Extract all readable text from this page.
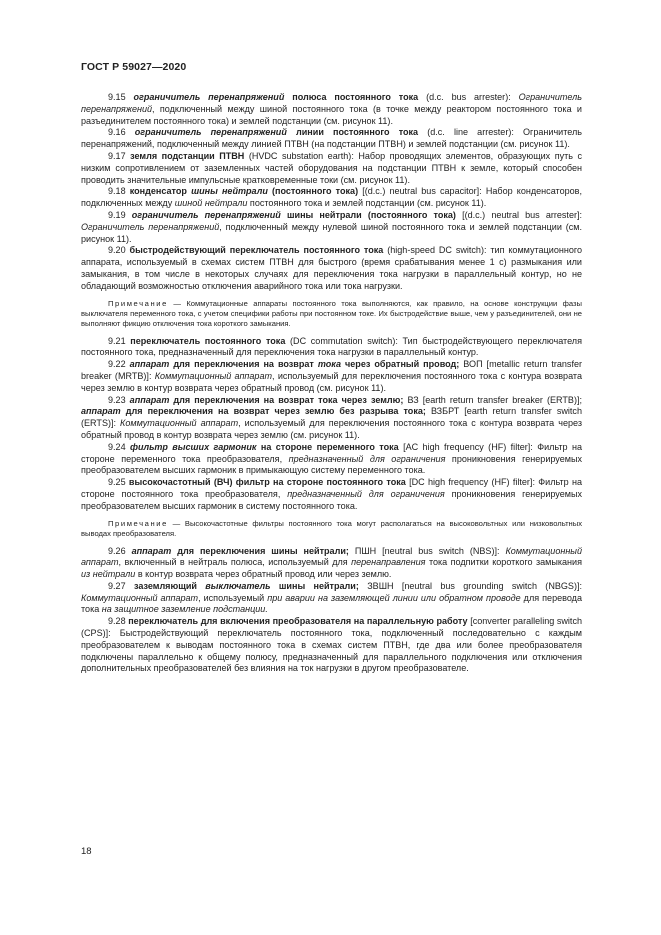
ГОСТ Р 59027—2020

9.15 ограничитель перенапряжений полюса постоянного тока (d.c. bus arrester): Ограничитель перенапряжений, подключенный между шиной постоянного тока (в точке между реактором постоянного тока и разъединителем постоянного тока) и землей подстанции (см. рисунок 11).

9.16 ограничитель перенапряжений линии постоянного тока (d.c. line arrester): Ограничитель перенапряжений, подключенный между линией ПТВН (на подстанции ПТВН) и землей подстанции (см. рисунок 11).

9.17 земля подстанции ПТВН (HVDC substation earth): Набор проводящих элементов, образующих путь с низким сопротивлением от заземленных частей оборудования на подстанции ПТВН к земле, который способен проводить значительные импульсные кратковременные токи (см. рисунок 11).

9.18 конденсатор шины нейтрали (постоянного тока) [(d.c.) neutral bus capacitor]: Набор конденсаторов, подключенных между шиной нейтрали постоянного тока и землей подстанции (см. рисунок 11).

9.19 ограничитель перенапряжений шины нейтрали (постоянного тока) [(d.c.) neutral bus arrester]: Ограничитель перенапряжений, подключенный между нулевой шиной постоянного тока и землей подстанции (см. рисунок 11).

9.20 быстродействующий переключатель постоянного тока (high-speed DC switch): тип коммутационного аппарата, используемый в схемах систем ПТВН для быстрого (время срабатывания менее 1 с) размыкания или замыкания, в том числе в некоторых случаях для переключения тока нагрузки в параллельный контур, но не обладающий возможностью отключения аварийного тока или тока нагрузки.

Примечание — Коммутационные аппараты постоянного тока выполняются, как правило, на основе конструкции фазы выключателя переменного тока, с учетом специфики работы при постоянном токе. Их быстродействие выше, чем у разъединителей, они не выполняют фикцию отключения тока короткого замыкания.

9.21 переключатель постоянного тока (DC commutation switch): Тип быстродействующего переключателя постоянного тока, предназначенный для переключения тока нагрузки в параллельный контур.

9.22 аппарат для переключения на возврат тока через обратный провод; ВОП [metallic return transfer breaker (MRTB)]: Коммутационный аппарат, используемый для переключения постоянного тока с контура возврата через землю в контур возврата через обратный провод (см. рисунок 11).

9.23 аппарат для переключения на возврат тока через землю; ВЗ [earth return transfer breaker (ERTB)]; аппарат для переключения на возврат через землю без разрыва тока; ВЗБРТ [earth return transfer switch (ERTS)]: Коммутационный аппарат, используемый для переключения постоянного тока с контура возврата через обратный провод в контур возврата через землю (см. рисунок 11).

9.24 фильтр высших гармоник на стороне переменного тока [AC high frequency (HF) filter]: Фильтр на стороне переменного тока преобразователя, предназначенный для ограничения проникновения генерируемых преобразователем высших гармоник в примыкающую систему переменного тока.

9.25 высокочастотный (ВЧ) фильтр на стороне постоянного тока [DC high frequency (HF) filter]: Фильтр на стороне постоянного тока преобразователя, предназначенный для ограничения проникновения генерируемых преобразователем высших гармоник в систему постоянного тока.

Примечание — Высокочастотные фильтры постоянного тока могут располагаться на высоковольтных или низковольтных выводах преобразователя.

9.26 аппарат для переключения шины нейтрали; ПШН [neutral bus switch (NBS)]: Коммутационный аппарат, включенный в нейтраль полюса, используемый для перенаправления тока подпитки короткого замыкания из нейтрали в контур возврата через обратный провод или через землю.

9.27 заземляющий выключатель шины нейтрали; ЗВШН [neutral bus grounding switch (NBGS)]: Коммутационный аппарат, используемый при аварии на заземляющей линии или обратном проводе для перевода тока на защитное заземление подстанции.

9.28 переключатель для включения преобразователя на параллельную работу [converter paralleling switch (CPS)]: Быстродействующий переключатель постоянного тока, подключенный последовательно с каждым преобразователем к выводам постоянного тока в схемах систем ПТВН, где два или более преобразователя подключены параллельно к общему полюсу, предназначенный для параллельного подключения или отключения дополнительных преобразователей без влияния на ток нагрузки в другом преобразователе.

18
